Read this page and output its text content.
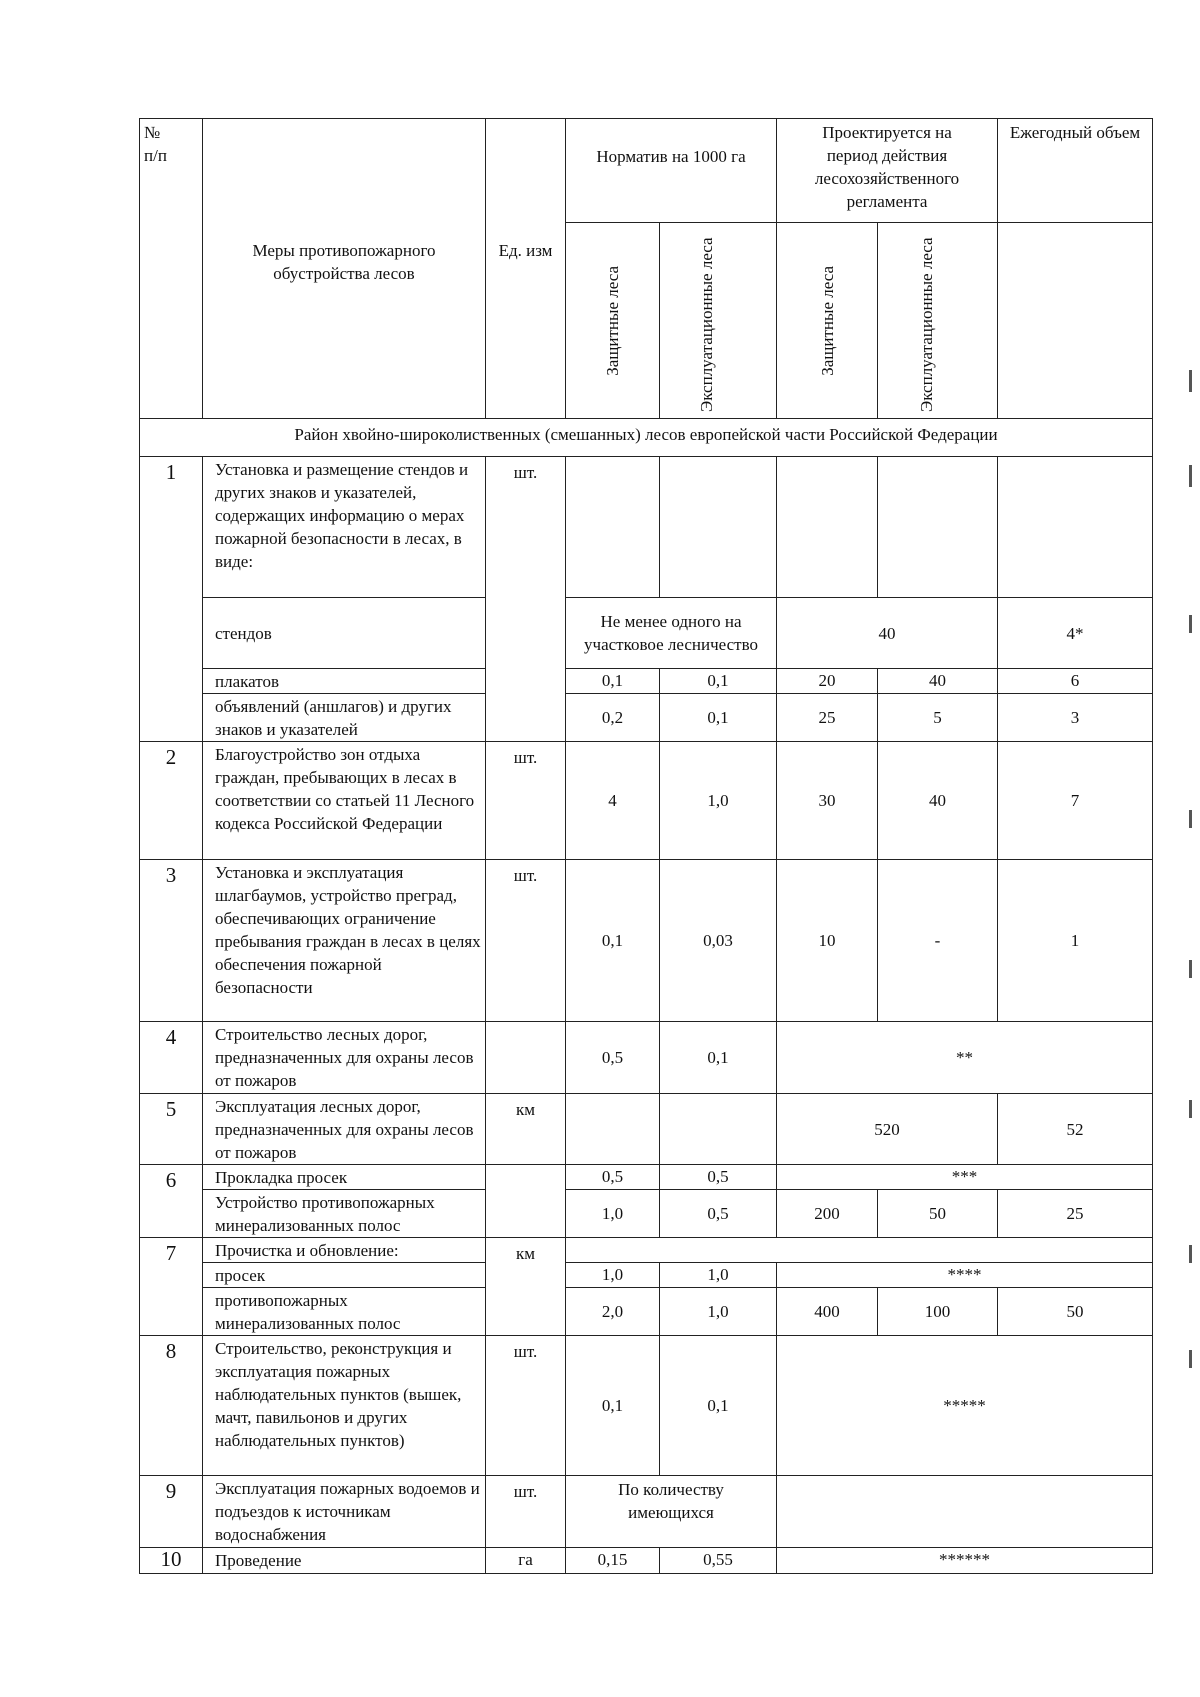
№
п/п	Меры противопожарного обустройства лесов	Ед. изм	Норматив на 1000 га		Проектируется на период действия лесохозяйственного регламента		Ежегодный объем

			Защитные леса	Эксплуатационные леса	Защитные леса	Эксплуатационные леса	

Район хвойно-широколиственных (смешанных) лесов европейской части Российской Федерации							
1	Установка и размещение стендов и других знаков и указателей, содержащих информацию о мерах пожарной безопасности в лесах, в виде:	шт.					
	стендов		Не менее одного на участковое лесничество		40		4*
	плакатов		0,1	0,1	20	40	6
	объявлений (аншлагов) и других знаков и указателей		0,2	0,1	25	5	3
2	Благоустройство зон отдыха граждан, пребывающих в лесах в соответствии со статьей 11 Лесного кодекса Российской Федерации	шт.	4	1,0	30	40	7
3	Установка и эксплуатация шлагбаумов, устройство преград, обеспечивающих ограничение пребывания граждан в лесах в целях обеспечения пожарной безопасности	шт.	0,1	0,03	10	-	1
4	Строительство лесных дорог, предназначенных для охраны лесов от пожаров		0,5	0,1	**		
5	Эксплуатация лесных дорог, предназначенных для охраны лесов от пожаров	км			520		52
6	Прокладка просек		0,5	0,5	***		
	Устройство противопожарных минерализованных полос		1,0	0,5	200	50	25
7	Прочистка и обновление:	км					
	просек		1,0	1,0	****		
	противопожарных минерализованных полос		2,0	1,0	400	100	50
8	Строительство, реконструкция и эксплуатация пожарных наблюдательных пунктов (вышек, мачт, павильонов и других наблюдательных пунктов)	шт.	0,1	0,1	*****		
9	Эксплуатация пожарных водоемов и подъездов к источникам водоснабжения	шт.	По количеству имеющихся				
10	Проведение	га	0,15	0,55	******		
